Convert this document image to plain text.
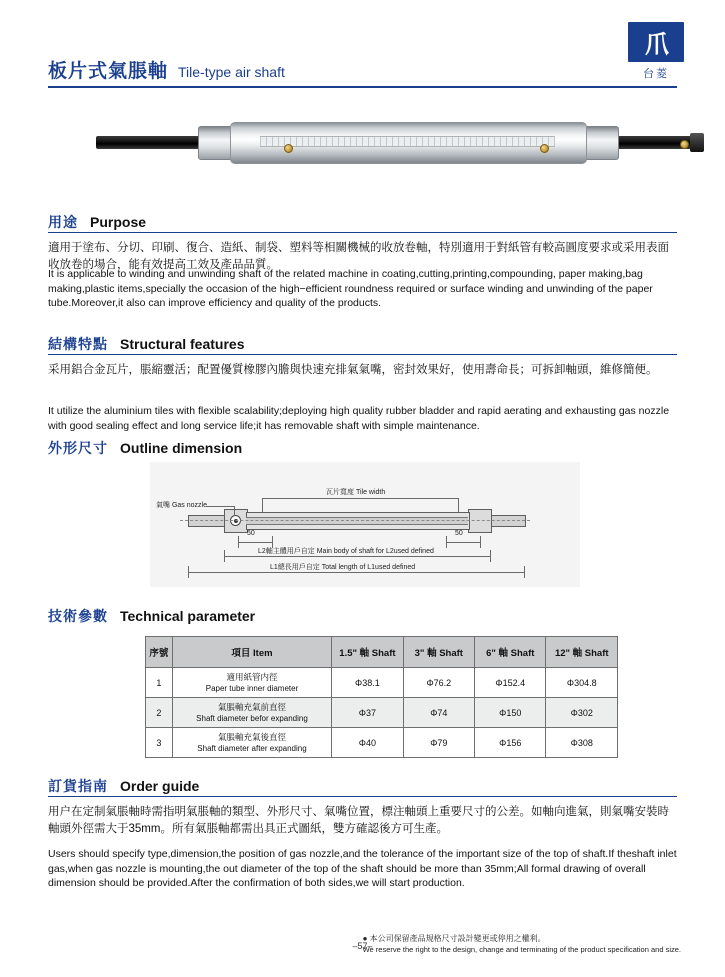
爪
台菱
板片式氣脹軸 Tile-type air shaft
用途 Purpose
適用于塗布、分切、印刷、復合、造紙、制袋、塑料等相關機械的收放卷軸，特別適用于對紙管有較高圓度要求或采用表面收放卷的場合，能有效提高工效及產品品質。
It is applicable to winding and unwinding shaft of the related machine in coating,cutting,printing,compounding, paper making,bag making,plastic items,specially the occasion of the high−efficient roundness required or surface winding and unwinding of the paper tube.Moreover,it also can improve efficiency and quality of the products.
結構特點 Structural features
采用鋁合金瓦片，脹縮靈活；配置優質橡膠內膽與快速充排氣氣嘴，密封效果好，使用壽命長；可拆卸軸頭，維修簡便。
It utilize the aluminium tiles with flexible scalability;deploying high quality rubber bladder and rapid aerating and exhausting gas nozzle with good sealing effect and long service life;it has removable shaft with simple maintenance.
外形尺寸 Outline dimension
瓦片寬度 Tile width
氣嘴 Gas nozzle
50	50
L2軸主體用戶自定 Main body of shaft for L2used defined
L1總長用戶自定 Total length of L1used defined
技術參數 Technical parameter
序號	項目 Item	1.5" 軸 Shaft	3" 軸 Shaft	6" 軸 Shaft	12" 軸 Shaft
1	適用紙管内徑
Paper tube inner diameter	Φ38.1	Φ76.2	Φ152.4	Φ304.8
2	氣脹軸充氣前直徑
Shaft diameter befor expanding	Φ37	Φ74	Φ150	Φ302
3	氣脹軸充氣後直徑
Shaft diameter after expanding	Φ40	Φ79	Φ156	Φ308
訂貨指南 Order guide
用户在定制氣脹軸時需指明氣脹軸的類型、外形尺寸、氣嘴位置，標注軸頭上重要尺寸的公差。如軸向進氣，則氣嘴安裝時軸頭外徑需大于35mm。所有氣脹軸都需出具正式圖紙，雙方確認後方可生產。
Users should specify type,dimension,the position of gas nozzle,and the tolerance of the important size of the top of shaft.If theshaft inlet gas,when gas nozzle is mounting,the out diameter of the top of the shaft should be more than 35mm;All formal drawing of overall dimension should be provided.After the confirmation of both sides,we will start production.
–57–
● 本公司保留產品規格尺寸設計變更或停用之權利。
We reserve the right to the design, change and terminating of the product specification and size.
